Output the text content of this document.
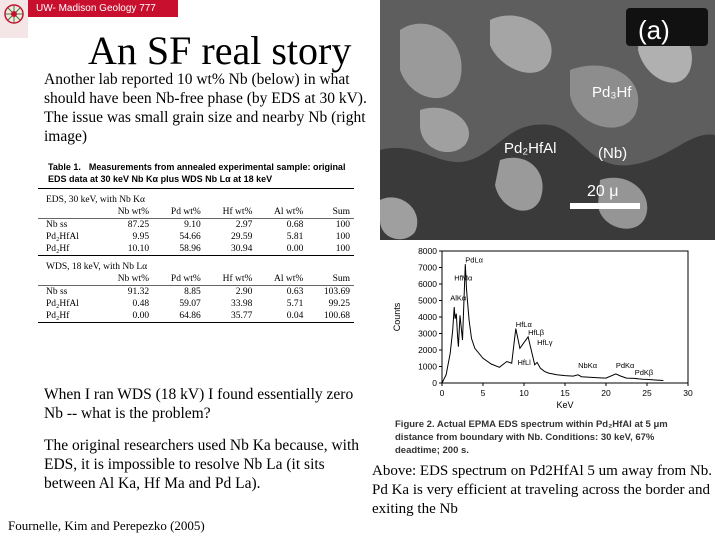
UW- Madison Geology 777
An SF real story
Another lab reported 10 wt% Nb (below) in what should have been Nb-free phase (by EDS at 30 kV). The issue was small grain size and nearby Nb (right image)
Table 1. Measurements from annealed experimental sample: original EDS data at 30 keV Nb Kα plus WDS Nb Lα at 18 keV
EDS, 30 keV, with Nb Kα					
	Nb wt%	Pd wt%	Hf wt%	Al wt%	Sum
Nb ss	87.25	9.10	2.97	0.68	100
Pd₂HfAl	9.95	54.66	29.59	5.81	100
Pd₂Hf	10.10	58.96	30.94	0.00	100
WDS, 18 keV, with Nb Lα					
	Nb wt%	Pd wt%	Hf wt%	Al wt%	Sum
Nb ss	91.32	8.85	2.90	0.63	103.69
Pd₂HfAl	0.48	59.07	33.98	5.71	99.25
Pd₂Hf	0.00	64.86	35.77	0.04	100.68
When I ran WDS (18 kV) I found essentially zero Nb -- what is the problem?
The original researchers used Nb Ka because, with EDS, it is impossible to resolve Nb La (it sits between Al Ka, Hf Ma and Pd La).
Fournelle, Kim and Perepezko (2005)
(a)
Pd₃Hf
Pd₂HfAl	(Nb)
20 μ
Figure 2. Actual EPMA EDS spectrum within Pd₂HfAl at 5 μm
distance from boundary with Nb. Conditions: 30 keV, 67%
deadtime; 200 s.
0
1000
2000
3000
4000
5000
6000
7000
8000
0	5	10	15	20	25	30
KeV
Counts
PdLα
HfMα
AlKα
HfLα
HfLβ
HfLγ
HfLl	NbKα	PdKα
PdKβ
Above: EDS spectrum on Pd2HfAl 5 um away from Nb. Pd Ka is very efficient at traveling across the border and exiting the Nb
